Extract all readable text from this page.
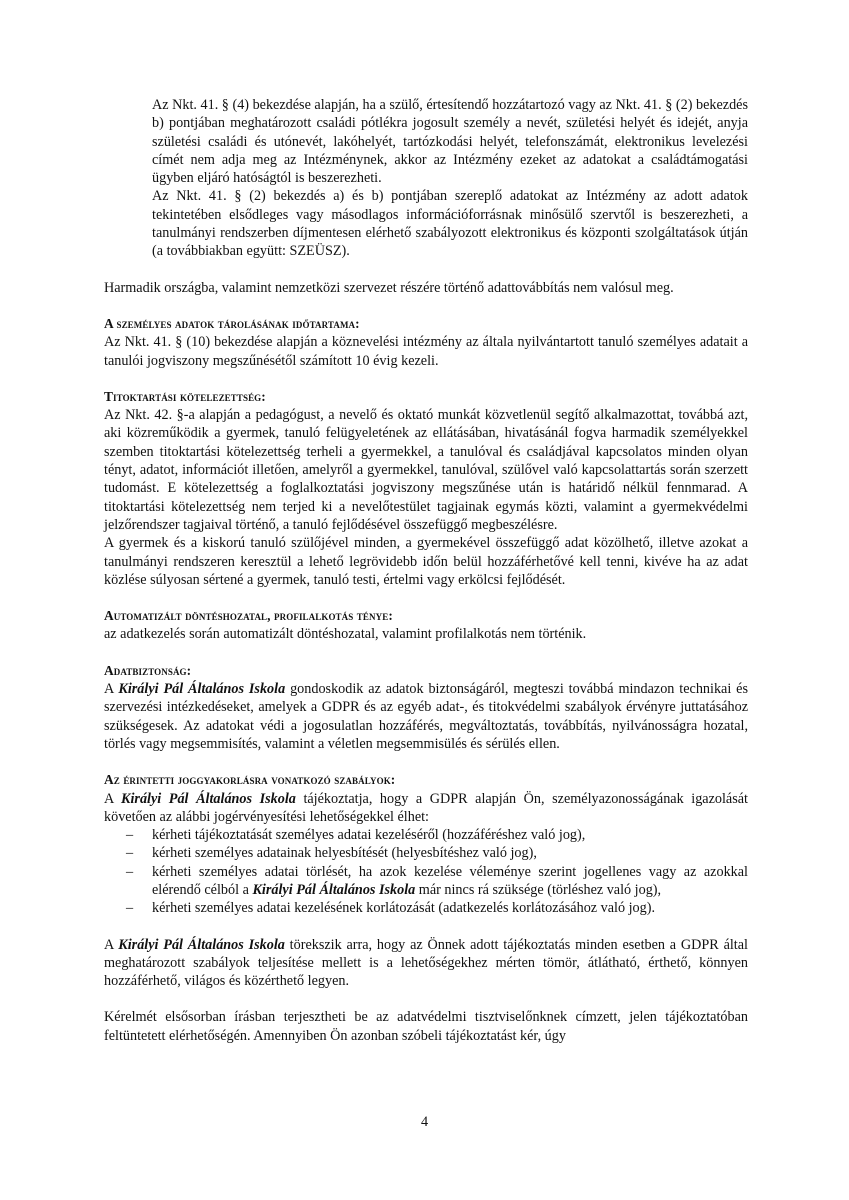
Az Nkt. 41. § (4) bekezdése alapján, ha a szülő, értesítendő hozzátartozó vagy az Nkt. 41. § (2) bekezdés b) pontjában meghatározott családi pótlékra jogosult személy a nevét, születési helyét és idejét, anyja születési családi és utónevét, lakóhelyét, tartózkodási helyét, telefonszámát, elektronikus levelezési címét nem adja meg az Intézménynek, akkor az Intézmény ezeket az adatokat a családtámogatási ügyben eljáró hatóságtól is beszerezheti.

Az Nkt. 41. § (2) bekezdés a) és b) pontjában szereplő adatokat az Intézmény az adott adatok tekintetében elsődleges vagy másodlagos információforrásnak minősülő szervtől is beszerezheti, a tanulmányi rendszerben díjmentesen elérhető szabályozott elektronikus és központi szolgáltatások útján (a továbbiakban együtt: SZEÜSZ).

Harmadik országba, valamint nemzetközi szervezet részére történő adattovábbítás nem valósul meg.

A személyes adatok tárolásának időtartama:

Az Nkt. 41. § (10) bekezdése alapján a köznevelési intézmény az általa nyilvántartott tanuló személyes adatait a tanulói jogviszony megszűnésétől számított 10 évig kezeli.

Titoktartási kötelezettség:

Az Nkt. 42. §-a alapján a pedagógust, a nevelő és oktató munkát közvetlenül segítő alkalmazottat, továbbá azt, aki közreműködik a gyermek, tanuló felügyeletének az ellátásában, hivatásánál fogva harmadik személyekkel szemben titoktartási kötelezettség terheli a gyermekkel, a tanulóval és családjával kapcsolatos minden olyan tényt, adatot, információt illetően, amelyről a gyermekkel, tanulóval, szülővel való kapcsolattartás során szerzett tudomást. E kötelezettség a foglalkoztatási jogviszony megszűnése után is határidő nélkül fennmarad. A titoktartási kötelezettség nem terjed ki a nevelőtestület tagjainak egymás közti, valamint a gyermekvédelmi jelzőrendszer tagjaival történő, a tanuló fejlődésével összefüggő megbeszélésre.

A gyermek és a kiskorú tanuló szülőjével minden, a gyermekével összefüggő adat közölhető, illetve azokat a tanulmányi rendszeren keresztül a lehető legrövidebb időn belül hozzáférhetővé kell tenni, kivéve ha az adat közlése súlyosan sértené a gyermek, tanuló testi, értelmi vagy erkölcsi fejlődését.

Automatizált döntéshozatal, profilalkotás ténye:

az adatkezelés során automatizált döntéshozatal, valamint profilalkotás nem történik.

Adatbiztonság:

A Királyi Pál Általános Iskola gondoskodik az adatok biztonságáról, megteszi továbbá mindazon technikai és szervezési intézkedéseket, amelyek a GDPR és az egyéb adat-, és titokvédelmi szabályok érvényre juttatásához szükségesek. Az adatokat védi a jogosulatlan hozzáférés, megváltoztatás, továbbítás, nyilvánosságra hozatal, törlés vagy megsemmisítés, valamint a véletlen megsemmisülés és sérülés ellen.

Az érintetti joggyakorlásra vonatkozó szabályok:

A Királyi Pál Általános Iskola tájékoztatja, hogy a GDPR alapján Ön, személyazonosságának igazolását követően az alábbi jogérvényesítési lehetőségekkel élhet:

– kérheti tájékoztatását személyes adatai kezeléséről (hozzáféréshez való jog),
– kérheti személyes adatainak helyesbítését (helyesbítéshez való jog),
– kérheti személyes adatai törlését, ha azok kezelése véleménye szerint jogellenes vagy az azokkal elérendő célból a Királyi Pál Általános Iskola már nincs rá szüksége (törléshez való jog),
– kérheti személyes adatai kezelésének korlátozását (adatkezelés korlátozásához való jog).

A Királyi Pál Általános Iskola törekszik arra, hogy az Önnek adott tájékoztatás minden esetben a GDPR által meghatározott szabályok teljesítése mellett is a lehetőségekhez mérten tömör, átlátható, érthető, könnyen hozzáférhető, világos és közérthető legyen.

Kérelmét elsősorban írásban terjesztheti be az adatvédelmi tisztviselőnknek címzett, jelen tájékoztatóban feltüntetett elérhetőségén. Amennyiben Ön azonban szóbeli tájékoztatást kér, úgy

4
